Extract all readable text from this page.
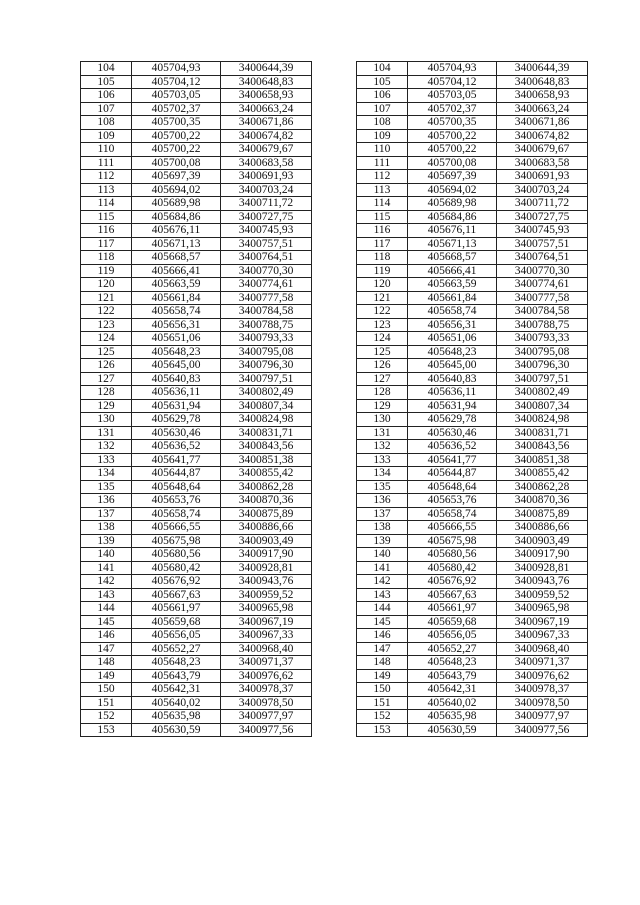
104	405704,93	3400644,39		104	405704,93	3400644,39
105	405704,12	3400648,83		105	405704,12	3400648,83
106	405703,05	3400658,93		106	405703,05	3400658,93
107	405702,37	3400663,24		107	405702,37	3400663,24
108	405700,35	3400671,86		108	405700,35	3400671,86
109	405700,22	3400674,82		109	405700,22	3400674,82
110	405700,22	3400679,67		110	405700,22	3400679,67
111	405700,08	3400683,58		111	405700,08	3400683,58
112	405697,39	3400691,93		112	405697,39	3400691,93
113	405694,02	3400703,24		113	405694,02	3400703,24
114	405689,98	3400711,72		114	405689,98	3400711,72
115	405684,86	3400727,75		115	405684,86	3400727,75
116	405676,11	3400745,93		116	405676,11	3400745,93
117	405671,13	3400757,51		117	405671,13	3400757,51
118	405668,57	3400764,51		118	405668,57	3400764,51
119	405666,41	3400770,30		119	405666,41	3400770,30
120	405663,59	3400774,61		120	405663,59	3400774,61
121	405661,84	3400777,58		121	405661,84	3400777,58
122	405658,74	3400784,58		122	405658,74	3400784,58
123	405656,31	3400788,75		123	405656,31	3400788,75
124	405651,06	3400793,33		124	405651,06	3400793,33
125	405648,23	3400795,08		125	405648,23	3400795,08
126	405645,00	3400796,30		126	405645,00	3400796,30
127	405640,83	3400797,51		127	405640,83	3400797,51
128	405636,11	3400802,49		128	405636,11	3400802,49
129	405631,94	3400807,34		129	405631,94	3400807,34
130	405629,78	3400824,98		130	405629,78	3400824,98
131	405630,46	3400831,71		131	405630,46	3400831,71
132	405636,52	3400843,56		132	405636,52	3400843,56
133	405641,77	3400851,38		133	405641,77	3400851,38
134	405644,87	3400855,42		134	405644,87	3400855,42
135	405648,64	3400862,28		135	405648,64	3400862,28
136	405653,76	3400870,36		136	405653,76	3400870,36
137	405658,74	3400875,89		137	405658,74	3400875,89
138	405666,55	3400886,66		138	405666,55	3400886,66
139	405675,98	3400903,49		139	405675,98	3400903,49
140	405680,56	3400917,90		140	405680,56	3400917,90
141	405680,42	3400928,81		141	405680,42	3400928,81
142	405676,92	3400943,76		142	405676,92	3400943,76
143	405667,63	3400959,52		143	405667,63	3400959,52
144	405661,97	3400965,98		144	405661,97	3400965,98
145	405659,68	3400967,19		145	405659,68	3400967,19
146	405656,05	3400967,33		146	405656,05	3400967,33
147	405652,27	3400968,40		147	405652,27	3400968,40
148	405648,23	3400971,37		148	405648,23	3400971,37
149	405643,79	3400976,62		149	405643,79	3400976,62
150	405642,31	3400978,37		150	405642,31	3400978,37
151	405640,02	3400978,50		151	405640,02	3400978,50
152	405635,98	3400977,97		152	405635,98	3400977,97
153	405630,59	3400977,56		153	405630,59	3400977,56
